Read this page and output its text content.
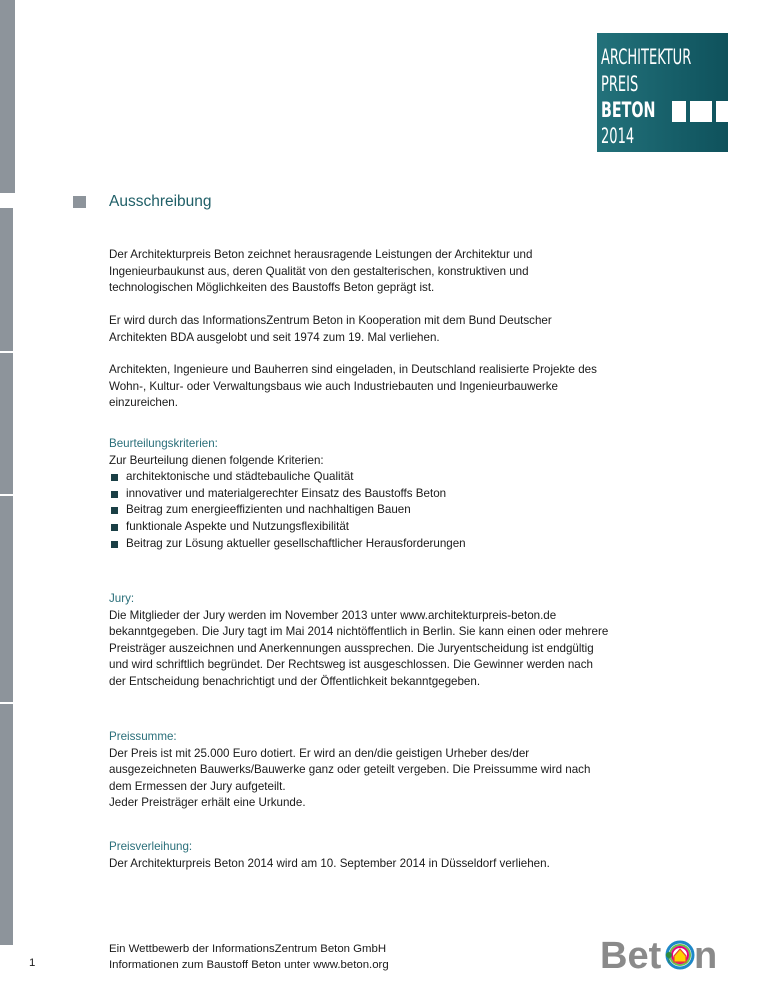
ARCHITEKTUR
PREIS
BETON
2014
Ausschreibung

Der Architekturpreis Beton zeichnet herausragende Leistungen der Architektur und Ingenieurbaukunst aus, deren Qualität von den gestalterischen, konstruktiven und technologischen Möglichkeiten des Baustoffs Beton geprägt ist.

Er wird durch das InformationsZentrum Beton in Kooperation mit dem Bund Deutscher Architekten BDA ausgelobt und seit 1974 zum 19. Mal verliehen.

Architekten, Ingenieure und Bauherren sind eingeladen, in Deutschland realisierte Projekte des Wohn-, Kultur- oder Verwaltungsbaus wie auch Industriebauten und Ingenieurbauwerke einzureichen.

Beurteilungskriterien:

Zur Beurteilung dienen folgende Kriterien:

architektonische und städtebauliche Qualität
innovativer und materialgerechter Einsatz des Baustoffs Beton
Beitrag zum energieeffizienten und nachhaltigen Bauen
funktionale Aspekte und Nutzungsflexibilität
Beitrag zur Lösung aktueller gesellschaftlicher Herausforderungen

Jury:

Die Mitglieder der Jury werden im November 2013 unter www.architekturpreis-beton.de bekanntgegeben. Die Jury tagt im Mai 2014 nichtöffentlich in Berlin. Sie kann einen oder mehrere Preisträger auszeichnen und Anerkennungen aussprechen. Die Juryentscheidung ist endgültig und wird schriftlich begründet. Der Rechtsweg ist ausgeschlossen. Die Gewinner werden nach der Entscheidung benachrichtigt und der Öffentlichkeit bekanntgegeben.

Preissumme:

Der Preis ist mit 25.000 Euro dotiert. Er wird an den/die geistigen Urheber des/der ausgezeichneten Bauwerks/Bauwerke ganz oder geteilt vergeben. Die Preissumme wird nach dem Ermessen der Jury aufgeteilt.

Jeder Preisträger erhält eine Urkunde.

Preisverleihung:

Der Architekturpreis Beton 2014 wird am 10. September 2014 in Düsseldorf verliehen.

1
Ein Wettbewerb der InformationsZentrum Beton GmbH
Informationen zum Baustoff Beton unter www.beton.org	Bet n
